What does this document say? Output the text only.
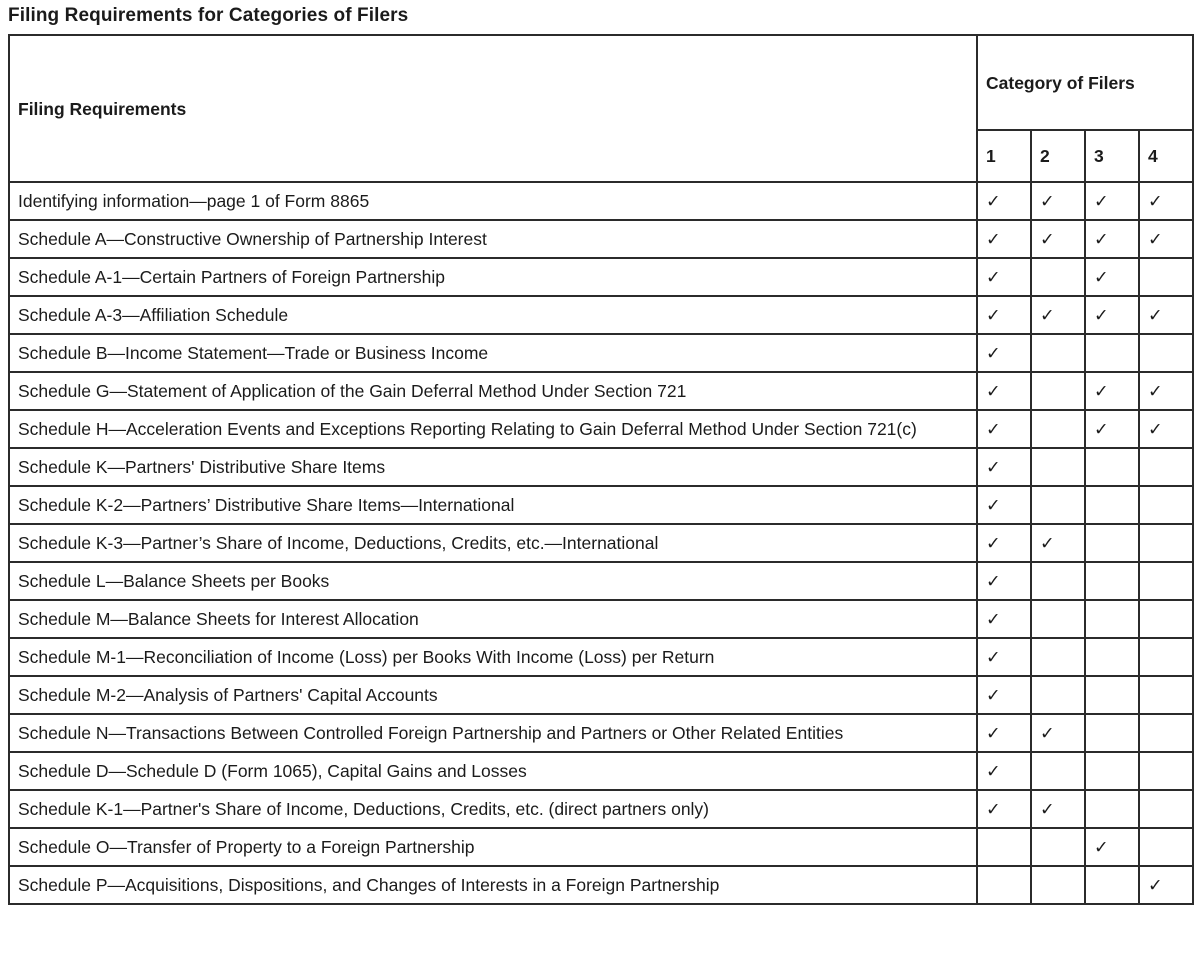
Filing Requirements for Categories of Filers
Filing Requirements	Category of Filers			
	1	2	3	4
Identifying information—page 1 of Form 8865	✓	✓	✓	✓
Schedule A—Constructive Ownership of Partnership Interest	✓	✓	✓	✓
Schedule A-1—Certain Partners of Foreign Partnership	✓		✓	
Schedule A-3—Affiliation Schedule	✓	✓	✓	✓
Schedule B—Income Statement—Trade or Business Income	✓			
Schedule G—Statement of Application of the Gain Deferral Method Under Section 721	✓		✓	✓
Schedule H—Acceleration Events and Exceptions Reporting Relating to Gain Deferral Method Under Section 721(c)	✓		✓	✓
Schedule K—Partners' Distributive Share Items	✓			
Schedule K-2—Partners’ Distributive Share Items—International	✓			
Schedule K-3—Partner’s Share of Income, Deductions, Credits, etc.—International	✓	✓		
Schedule L—Balance Sheets per Books	✓			
Schedule M—Balance Sheets for Interest Allocation	✓			
Schedule M-1—Reconciliation of Income (Loss) per Books With Income (Loss) per Return	✓			
Schedule M-2—Analysis of Partners' Capital Accounts	✓			
Schedule N—Transactions Between Controlled Foreign Partnership and Partners or Other Related Entities	✓	✓		
Schedule D—Schedule D (Form 1065), Capital Gains and Losses	✓			
Schedule K-1—Partner's Share of Income, Deductions, Credits, etc. (direct partners only)	✓	✓		
Schedule O—Transfer of Property to a Foreign Partnership			✓	
Schedule P—Acquisitions, Dispositions, and Changes of Interests in a Foreign Partnership				✓
